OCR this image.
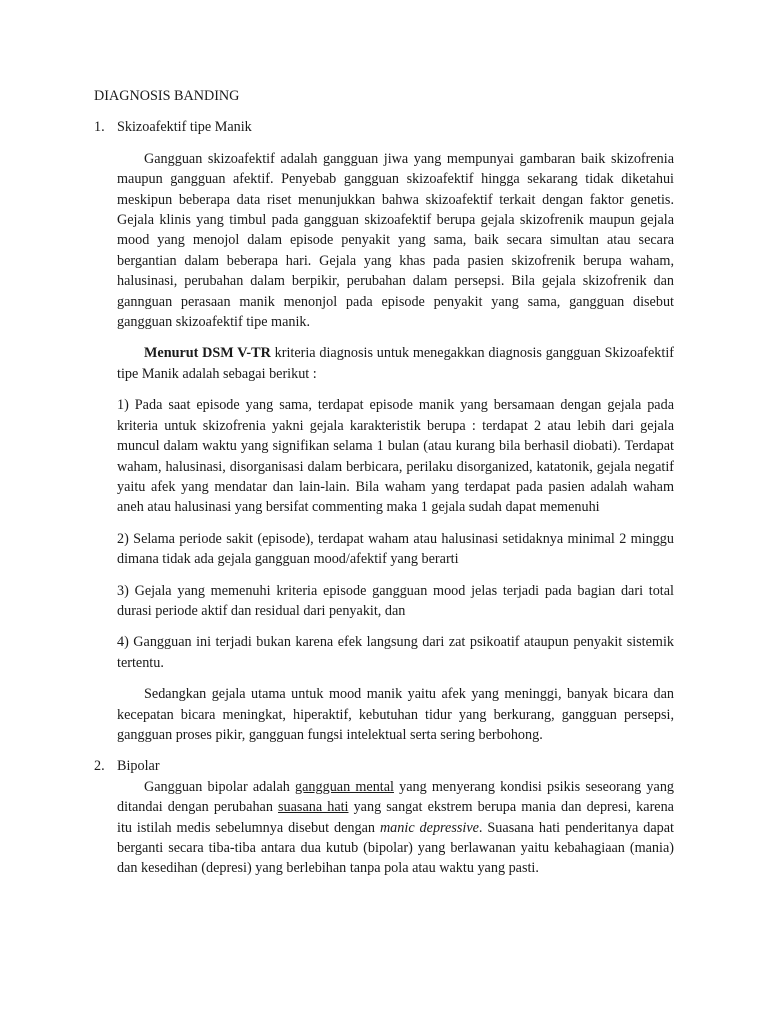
DIAGNOSIS BANDING
1. Skizoafektif tipe Manik

Gangguan skizoafektif adalah gangguan jiwa yang mempunyai gambaran baik skizofrenia maupun gangguan afektif. Penyebab gangguan skizoafektif hingga sekarang tidak diketahui meskipun beberapa data riset menunjukkan bahwa skizoafektif terkait dengan faktor genetis. Gejala klinis yang timbul pada gangguan skizoafektif berupa gejala skizofrenik maupun gejala mood yang menojol dalam episode penyakit yang sama, baik secara simultan atau secara bergantian dalam beberapa hari. Gejala yang khas pada pasien skizofrenik berupa waham, halusinasi, perubahan dalam berpikir, perubahan dalam persepsi. Bila gejala skizofrenik dan gannguan perasaan manik menonjol pada episode penyakit yang sama, gangguan disebut gangguan skizoafektif tipe manik.

Menurut DSM V-TR kriteria diagnosis untuk menegakkan diagnosis gangguan Skizoafektif tipe Manik adalah sebagai berikut :

1) Pada saat episode yang sama, terdapat episode manik yang bersamaan dengan gejala pada kriteria untuk skizofrenia yakni gejala karakteristik berupa : terdapat 2 atau lebih dari gejala muncul dalam waktu yang signifikan selama 1 bulan (atau kurang bila berhasil diobati). Terdapat waham, halusinasi, disorganisasi dalam berbicara, perilaku disorganized, katatonik, gejala negatif yaitu afek yang mendatar dan lain-lain. Bila waham yang terdapat pada pasien adalah waham aneh atau halusinasi yang bersifat commenting maka 1 gejala sudah dapat memenuhi

2) Selama periode sakit (episode), terdapat waham atau halusinasi setidaknya minimal 2 minggu dimana tidak ada gejala gangguan mood/afektif yang berarti

3) Gejala yang memenuhi kriteria episode gangguan mood jelas terjadi pada bagian dari total durasi periode aktif dan residual dari penyakit, dan

4) Gangguan ini terjadi bukan karena efek langsung dari zat psikoatif ataupun penyakit sistemik tertentu.

Sedangkan gejala utama untuk mood manik yaitu afek yang meninggi, banyak bicara dan kecepatan bicara meningkat, hiperaktif, kebutuhan tidur yang berkurang, gangguan persepsi, gangguan proses pikir, gangguan fungsi intelektual serta sering berbohong.

2. Bipolar

Gangguan bipolar adalah gangguan mental yang menyerang kondisi psikis seseorang yang ditandai dengan perubahan suasana hati yang sangat ekstrem berupa mania dan depresi, karena itu istilah medis sebelumnya disebut dengan manic depressive. Suasana hati penderitanya dapat berganti secara tiba-tiba antara dua kutub (bipolar) yang berlawanan yaitu kebahagiaan (mania) dan kesedihan (depresi) yang berlebihan tanpa pola atau waktu yang pasti.
